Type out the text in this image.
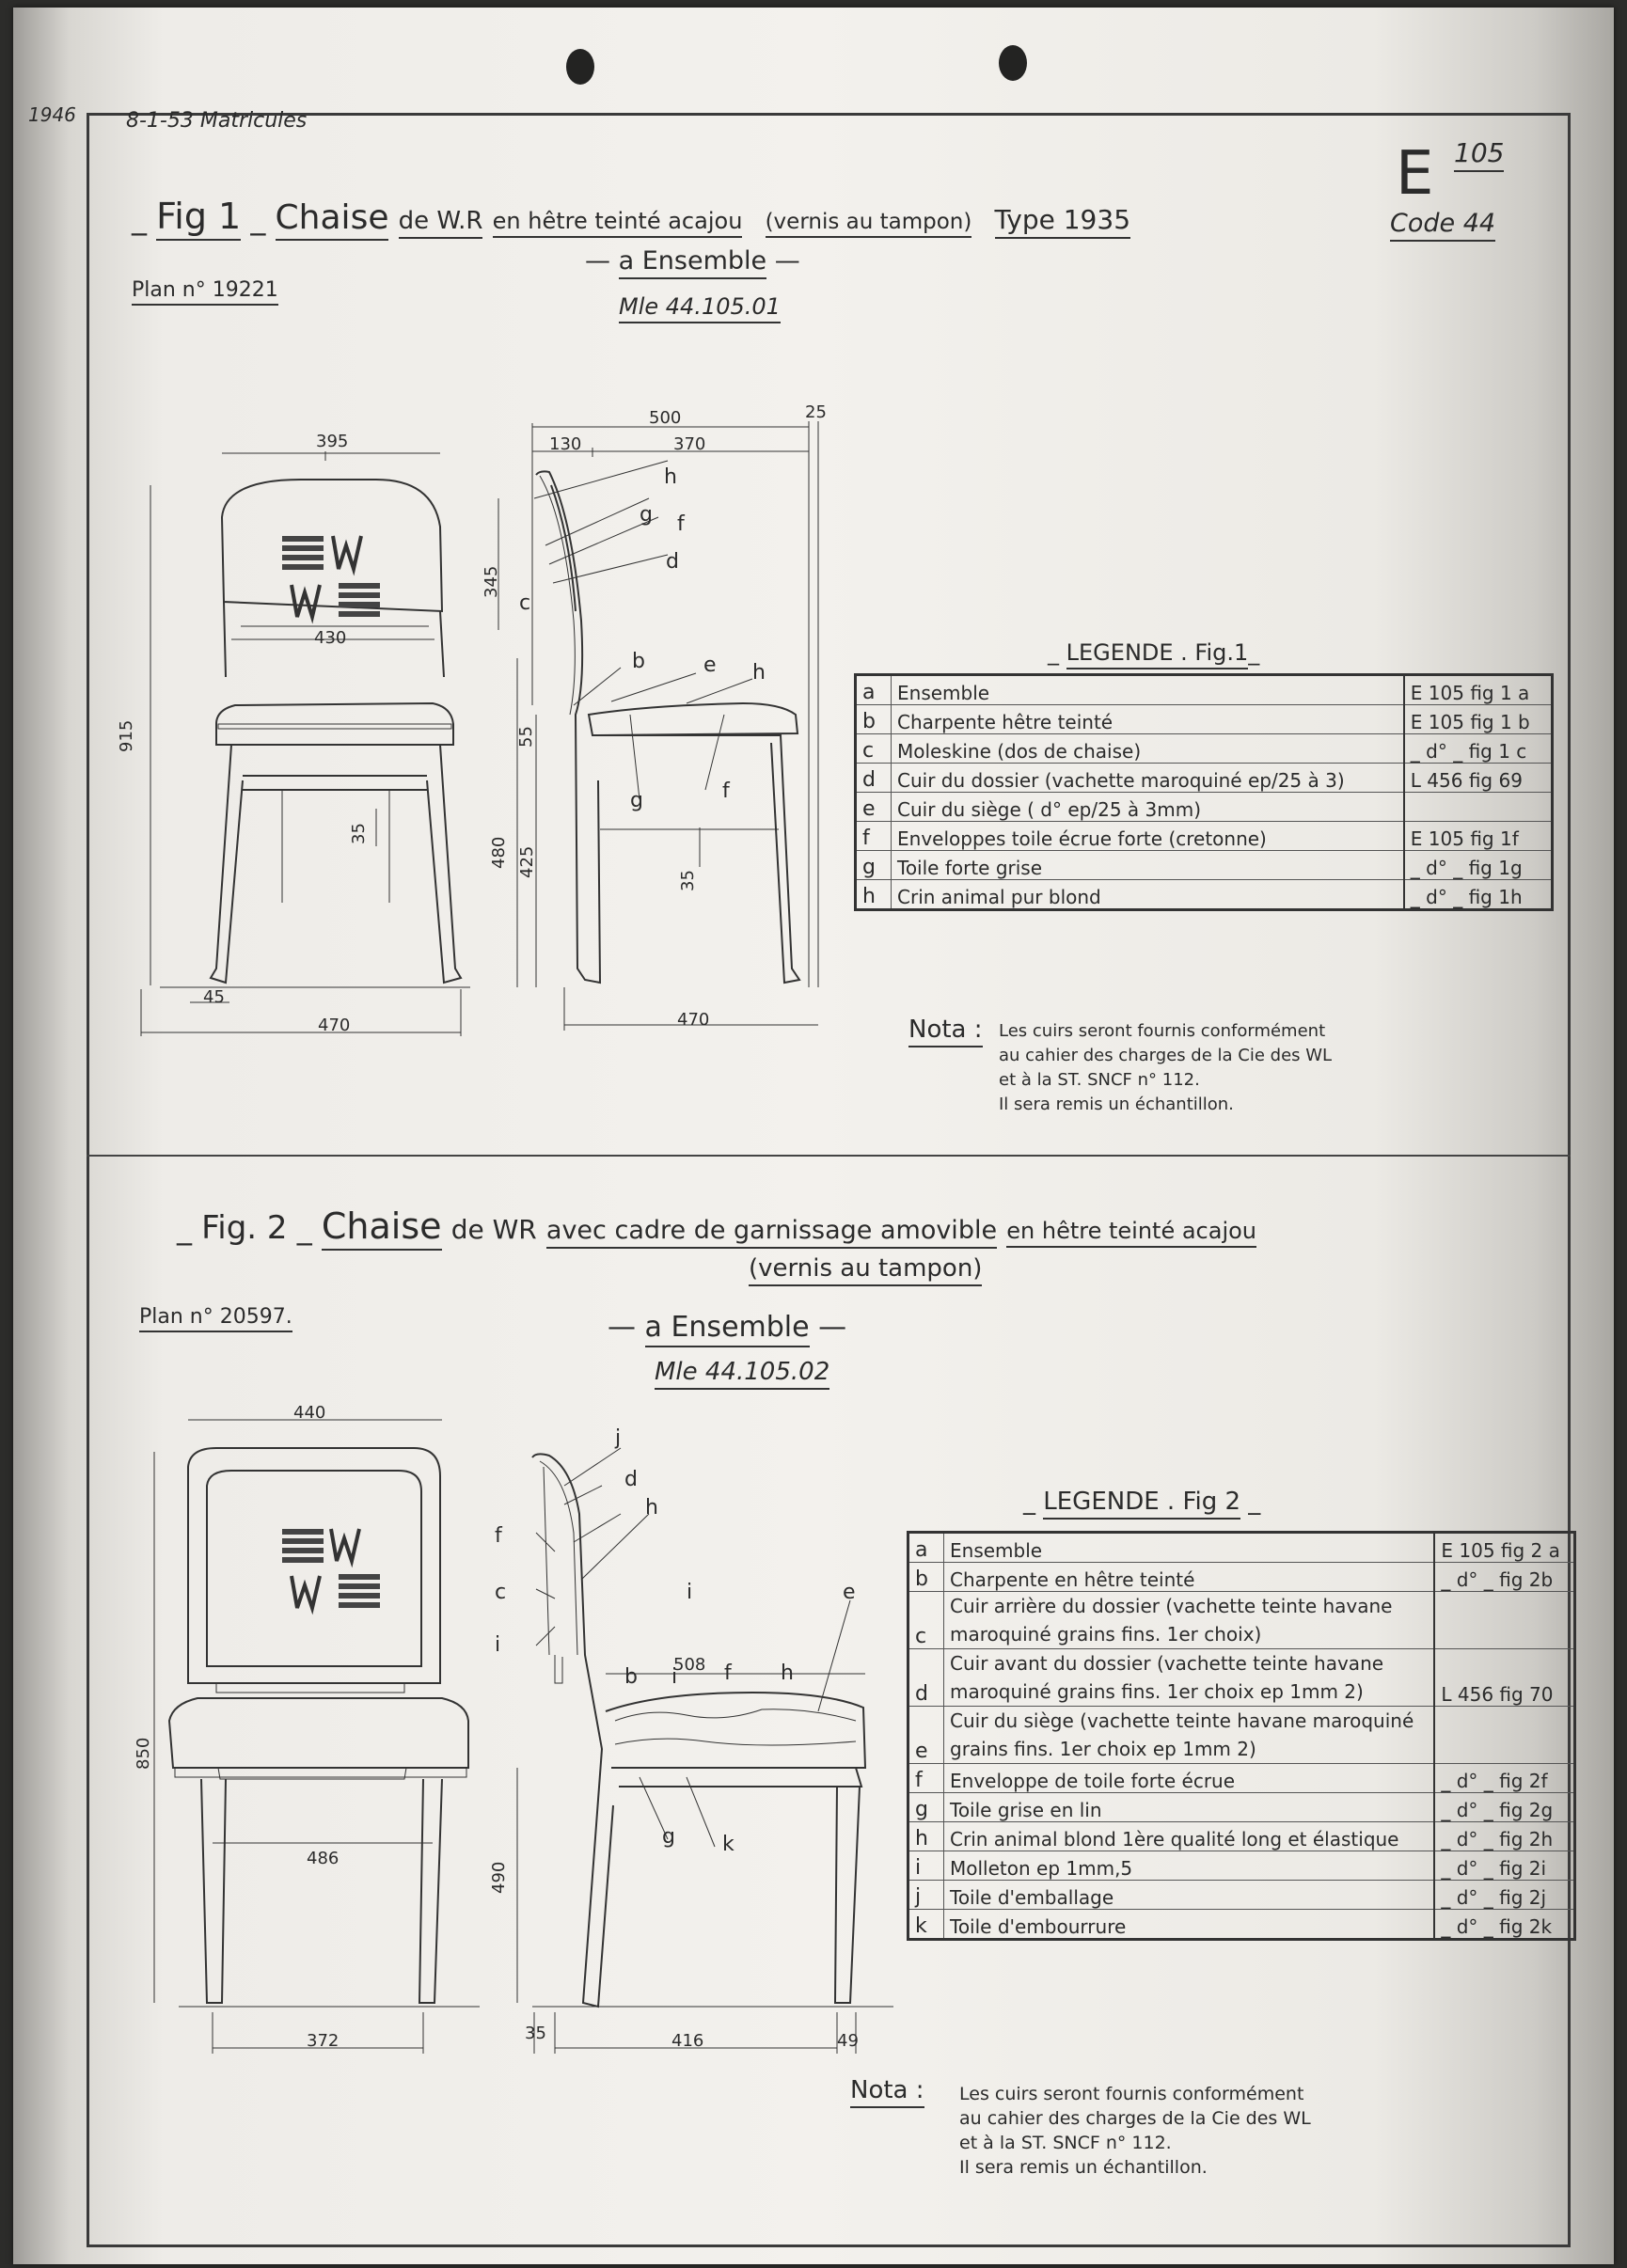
1946 8-1-53 Matricules
E 105
Code 44
_ Fig 1 _ Chaise de W.R en hêtre teinté acajou (vernis au tampon) Type 1935
— a Ensemble —
Plan n° 19221
Mle 44.105.01
395
430
915
35
45
470
500	25
130	370
345
55
480 425
35
470
h
g f
d
c
b	e h
g	f
_ LEGENDE . Fig.1_
a	Ensemble	E 105 fig 1 a
b	Charpente hêtre teinté	E 105 fig 1 b
c	Moleskine (dos de chaise)	_ d° _ fig 1 c
d	Cuir du dossier (vachette maroquiné ep/25 à 3)	L 456 fig 69
e	Cuir du siège ( d° ep/25 à 3mm)	
f	Enveloppes toile écrue forte (cretonne)	E 105 fig 1f
g	Toile forte grise	_ d° _ fig 1g
h	Crin animal pur blond	_ d° _ fig 1h
Nota : Les cuirs seront fournis conformément
au cahier des charges de la Cie des WL
et à la ST. SNCF n° 112.
Il sera remis un échantillon.
_ Fig. 2 _ Chaise de WR avec cadre de garnissage amovible en hêtre teinté acajou
(vernis au tampon)
— a Ensemble —
Plan n° 20597.
Mle 44.105.02
440
850
486
372
508
490
35	416	49
j
d
f
h
c	i
i
e
b i f h
g k
_ LEGENDE . Fig 2 _
a	Ensemble	E 105 fig 2 a
b	Charpente en hêtre teinté	_ d° _ fig 2b
c	Cuir arrière du dossier (vachette teinte havane maroquiné grains fins. 1er choix)	
d	Cuir avant du dossier (vachette teinte havane maroquiné grains fins. 1er choix ep 1mm 2)	L 456 fig 70
e	Cuir du siège (vachette teinte havane maroquiné grains fins. 1er choix ep 1mm 2)	
f	Enveloppe de toile forte écrue	_ d° _ fig 2f
g	Toile grise en lin	_ d° _ fig 2g
h	Crin animal blond 1ère qualité long et élastique	_ d° _ fig 2h
i	Molleton ep 1mm,5	_ d° _ fig 2i
j	Toile d'emballage	_ d° _ fig 2j
k	Toile d'embourrure	_ d° _ fig 2k
Nota : Les cuirs seront fournis conformément
au cahier des charges de la Cie des WL
et à la ST. SNCF n° 112.
Il sera remis un échantillon.
